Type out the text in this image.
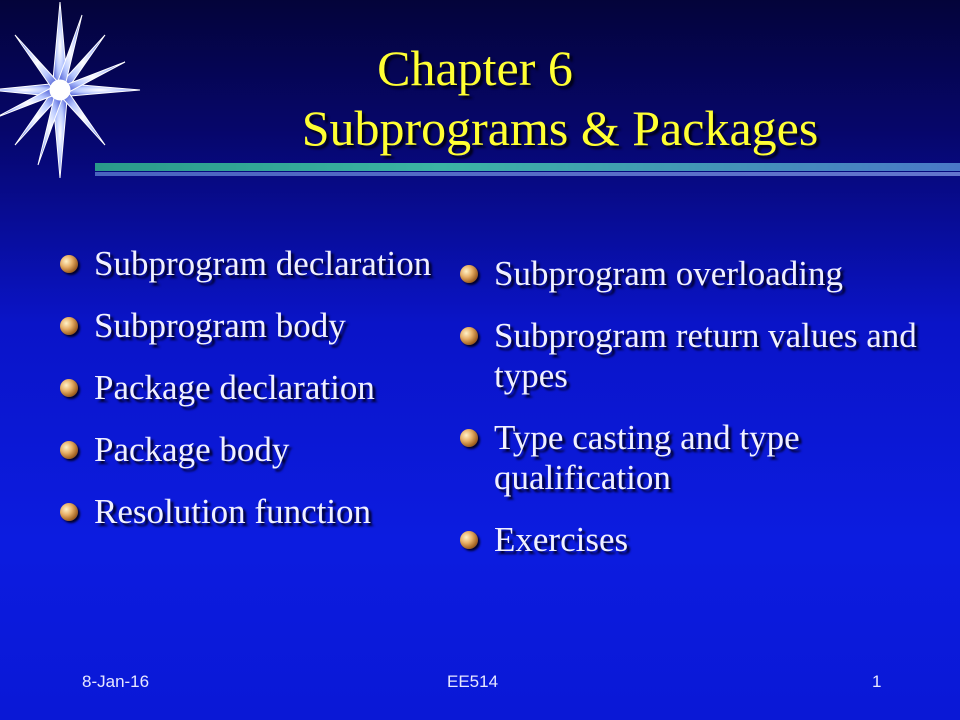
Chapter 6
Subprograms & Packages
Subprogram declaration
Subprogram body
Package declaration
Package body
Resolution function
Subprogram overloading
Subprogram return values and types
Type casting and type qualification
Exercises
8-Jan-16	EE514	1
